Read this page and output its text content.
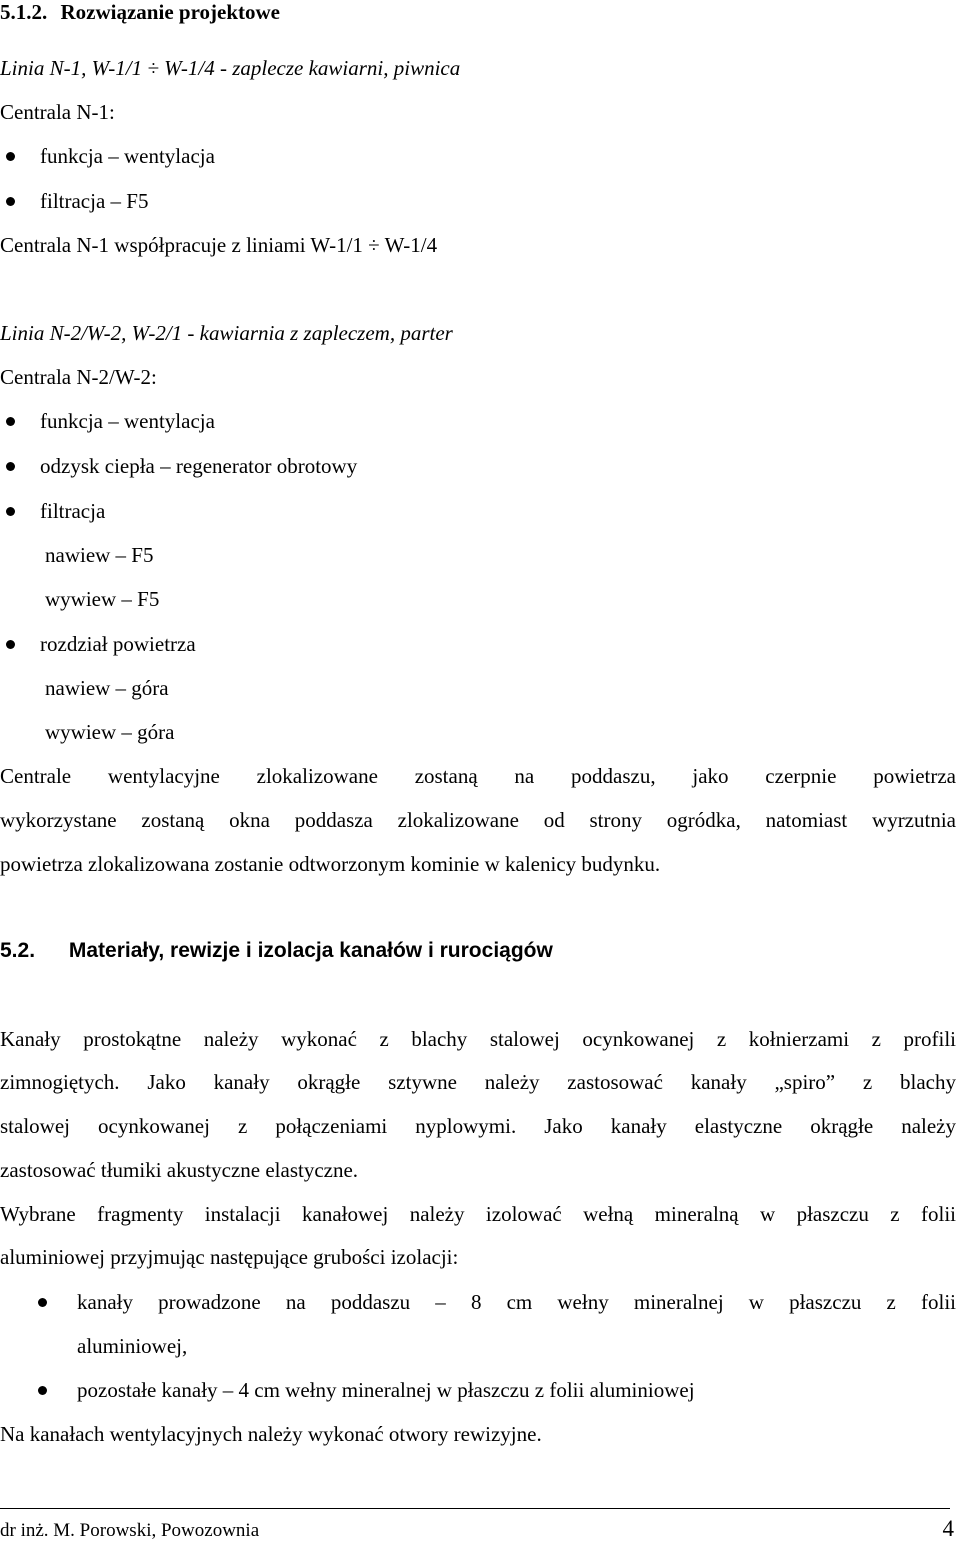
5.1.2. Rozwiązanie projektowe
Linia N-1, W-1/1 ÷ W-1/4 - zaplecze kawiarni, piwnica
Centrala N-1:
funkcja – wentylacja
filtracja – F5
Centrala N-1 współpracuje z liniami W-1/1 ÷ W-1/4
Linia N-2/W-2, W-2/1 - kawiarnia z zapleczem, parter
Centrala N-2/W-2:
funkcja – wentylacja
odzysk ciepła – regenerator obrotowy
filtracja
nawiew – F5
wywiew – F5
rozdział powietrza
nawiew – góra
wywiew – góra
Centrale wentylacyjne zlokalizowane zostaną na poddaszu, jako czerpnie powietrza
wykorzystane zostaną okna poddasza zlokalizowane od strony ogródka, natomiast wyrzutnia
powietrza zlokalizowana zostanie odtworzonym kominie w kalenicy budynku.
5.2. Materiały, rewizje i izolacja kanałów i rurociągów
Kanały prostokątne należy wykonać z blachy stalowej ocynkowanej z kołnierzami z profili
zimnogiętych. Jako kanały okrągłe sztywne należy zastosować kanały „spiro” z blachy
stalowej ocynkowanej z połączeniami nyplowymi. Jako kanały elastyczne okrągłe należy
zastosować tłumiki akustyczne elastyczne.
Wybrane fragmenty instalacji kanałowej należy izolować wełną mineralną w płaszczu z folii
aluminiowej przyjmując następujące grubości izolacji:
kanały prowadzone na poddaszu – 8 cm wełny mineralnej w płaszczu z folii
aluminiowej,
pozostałe kanały – 4 cm wełny mineralnej w płaszczu z folii aluminiowej
Na kanałach wentylacyjnych należy wykonać otwory rewizyjne.
dr inż. M. Porowski, Powozownia	4
